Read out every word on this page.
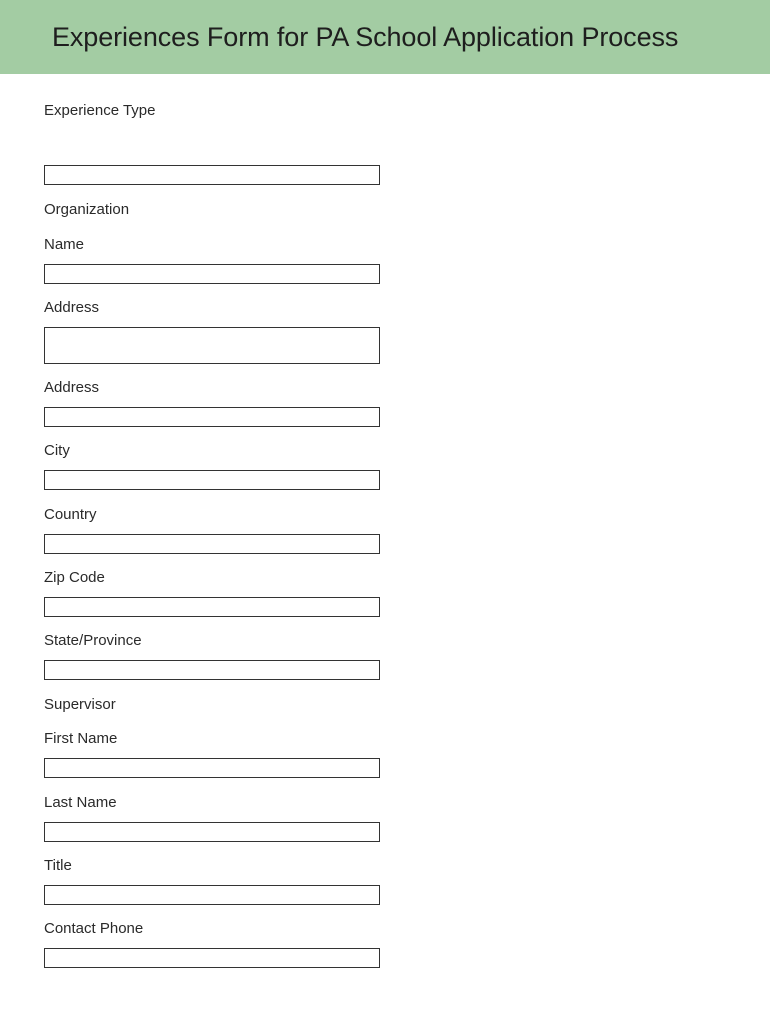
Experiences Form for PA School Application Process
Experience Type
Organization
Name
Address
Address
City
Country
Zip Code
State/Province
Supervisor
First Name
Last Name
Title
Contact Phone
